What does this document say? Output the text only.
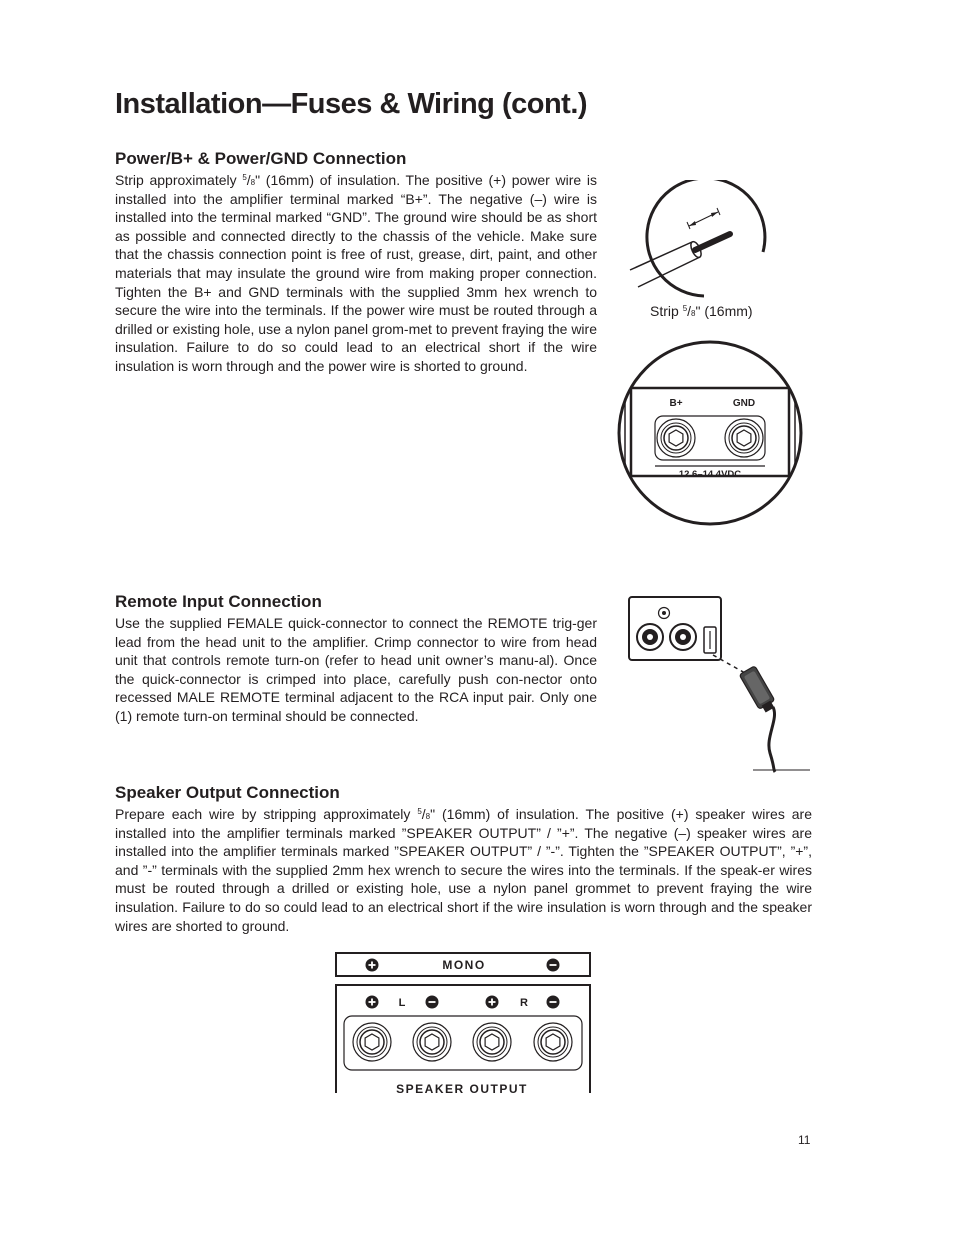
Installation—Fuses & Wiring (cont.)
Power/B+ & Power/GND Connection

Strip approximately $^5$/8" (16mm) of insulation. The positive (+) power wire is installed into the amplifier terminal marked “B+”. The negative (–) wire is installed into the terminal marked “GND”. The ground wire should be as short as possible and connected directly to the chassis of the vehicle. Make sure that the chassis connection point is free of rust, grease, dirt, paint, and other materials that may insulate the ground wire from making proper connection. Tighten the B+ and GND terminals with the supplied 3mm hex wrench to secure the wire into the terminals. If the power wire must be routed through a drilled or existing hole, use a nylon panel grom-met to prevent fraying the wire insulation. Failure to do so could lead to an electrical short if the wire insulation is worn through and the power wire is shorted to ground.

Strip $^5$/8" (16mm)
B+	GND
12.6–14.4VDC
Remote Input Connection

Use the supplied FEMALE quick-connector to connect the REMOTE trig-ger lead from the head unit to the amplifier. Crimp connector to wire from head unit that controls remote turn-on (refer to head unit owner’s manu-al). Once the quick-connector is crimped into place, carefully push con-nector onto recessed MALE REMOTE terminal adjacent to the RCA input pair. Only one (1) remote turn-on terminal should be connected.

Speaker Output Connection

Prepare each wire by stripping approximately $^5$/8" (16mm) of insulation. The positive (+) speaker wires are installed into the amplifier terminals marked ”SPEAKER OUTPUT” / ”+”. The negative (–) speaker wires are installed into the amplifier terminals marked ”SPEAKER OUTPUT” / ”-”. Tighten the ”SPEAKER OUTPUT”, ”+”, and ”-” terminals with the supplied 2mm hex wrench to secure the wires into the terminals. If the speak-er wires must be routed through a drilled or existing hole, use a nylon panel grommet to prevent fraying the wire insulation. Failure to do so could lead to an electrical short if the wire insulation is worn through and the speaker wires are shorted to ground.

MONO
L	R
SPEAKER OUTPUT
11
